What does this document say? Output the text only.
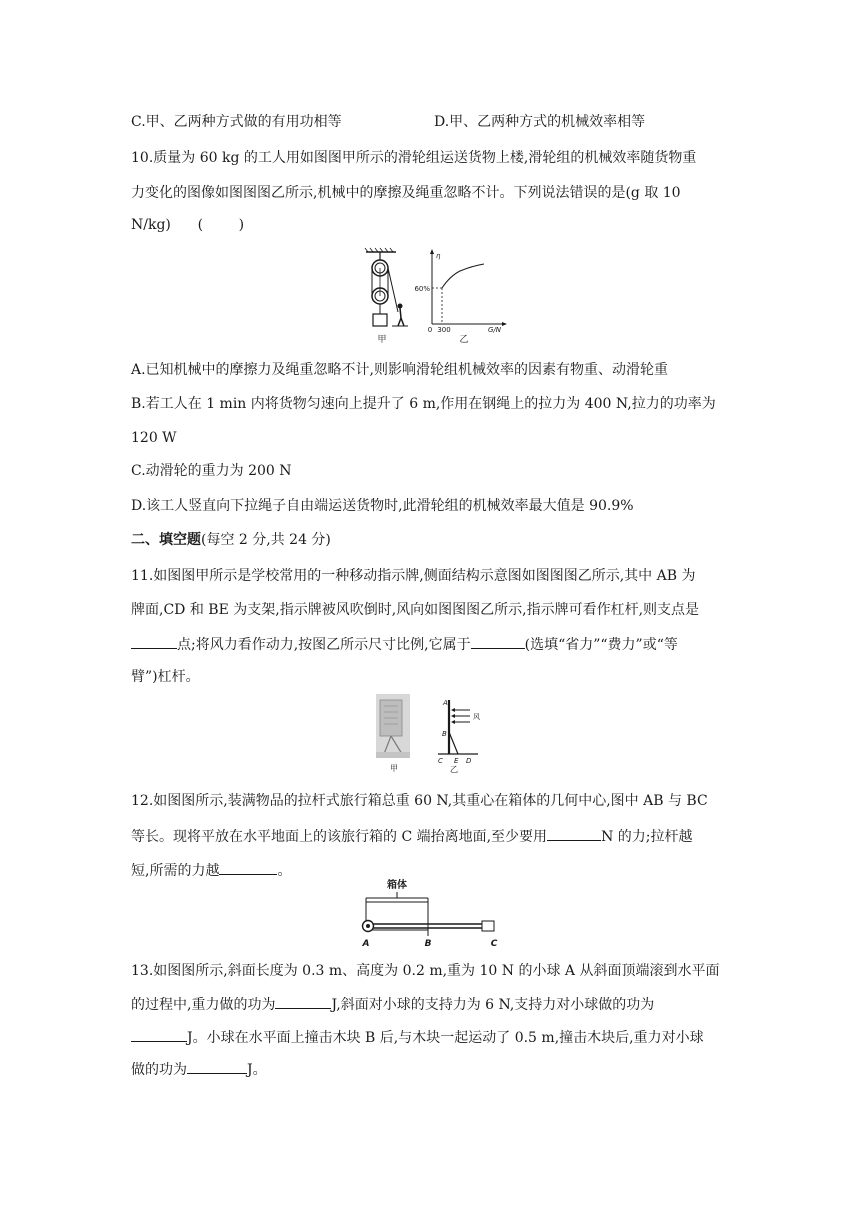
C.甲、乙两种方式做的有用功相等	D.甲、乙两种方式的机械效率相等
10.质量为 60 kg 的工人用如图图甲所示的滑轮组运送货物上楼,滑轮组的机械效率随货物重
力变化的图像如图图图乙所示,机械中的摩擦及绳重忽略不计。下列说法错误的是(g 取 10
N/kg)      (        )
甲
η
60%
0 300	G/N
乙
A.已知机械中的摩擦力及绳重忽略不计,则影响滑轮组机械效率的因素有物重、动滑轮重
B.若工人在 1 min 内将货物匀速向上提升了 6 m,作用在钢绳上的拉力为 400 N,拉力的功率为
120 W
C.动滑轮的重力为 200 N
D.该工人竖直向下拉绳子自由端运送货物时,此滑轮组的机械效率最大值是 90.9%
二、填空题(每空 2 分,共 24 分)
11.如图图甲所示是学校常用的一种移动指示牌,侧面结构示意图如图图图乙所示,其中 AB 为
牌面,CD 和 BE 为支架,指示牌被风吹倒时,风向如图图图乙所示,指示牌可看作杠杆,则支点是
点;将风力看作动力,按图乙所示尺寸比例,它属于	(选填“省力”“费力”或“等
臂”)杠杆。
甲
A
B
C E D
风
乙
12.如图图所示,装满物品的拉杆式旅行箱总重 60 N,其重心在箱体的几何中心,图中 AB 与 BC
等长。现将平放在水平地面上的该旅行箱的 C 端抬离地面,至少要用	N 的力;拉杆越
短,所需的力越	。
箱体
A	B	C
13.如图图所示,斜面长度为 0.3 m、高度为 0.2 m,重为 10 N 的小球 A 从斜面顶端滚到水平面
的过程中,重力做的功为	J,斜面对小球的支持力为 6 N,支持力对小球做的功为
J。小球在水平面上撞击木块 B 后,与木块一起运动了 0.5 m,撞击木块后,重力对小球
做的功为	J。
